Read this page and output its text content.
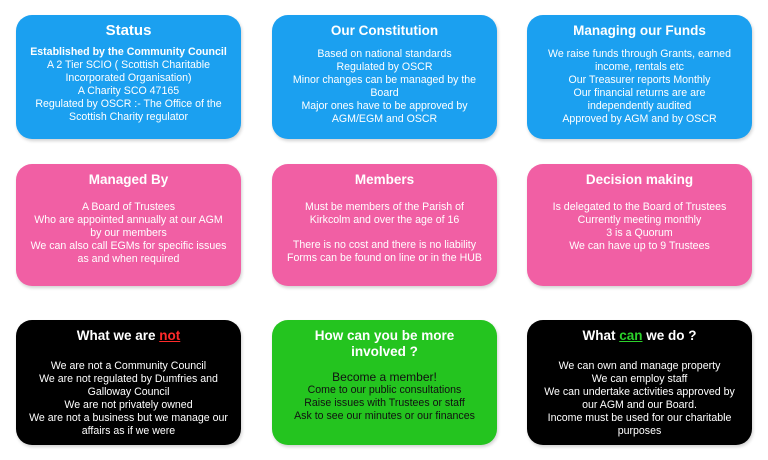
Status
Established by the Community Council
A 2 Tier SCIO ( Scottish Charitable
Incorporated Organisation)
A Charity SCO 47165
Regulated by OSCR :- The Office of the
Scottish Charity regulator
Our Constitution
Based on national standards
Regulated by OSCR
Minor changes can be managed by the
Board
Major ones have to be approved by
AGM/EGM and OSCR
Managing our Funds
We raise funds through Grants, earned
income, rentals etc
Our Treasurer reports Monthly
Our financial returns are are
independently audited
Approved by AGM and by OSCR
Managed By
A Board of Trustees
Who are appointed annually at our AGM
by our members
We can also call EGMs for specific issues
as and when required
Members
Must be members of the Parish of
Kirkcolm and over the age of 16
There is no cost and there is no liability
Forms can be found on line or in the HUB
Decision making
Is delegated to the Board of Trustees
Currently meeting monthly
3 is a Quorum
We can have up to 9 Trustees
What we are not
We are not a Community Council
We are not regulated by Dumfries and
Galloway Council
We are not privately owned
We are not a business but we manage our
affairs as if we were
How can you be more
involved ?
Become a member!
Come to our public consultations
Raise issues with Trustees or staff
Ask to see our minutes or our finances
What can we do ?
We can own and manage property
We can employ staff
We can undertake activities approved by
our AGM and our Board.
Income must be used for our charitable
purposes
